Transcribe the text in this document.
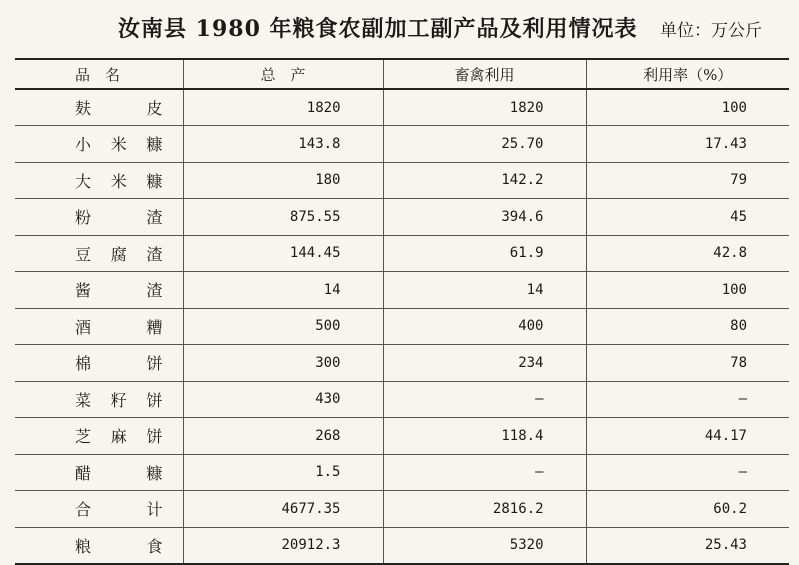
汝南县 1980 年粮食农副加工副产品及利用情况表 单位：万公斤
品　名	总　产	畜禽利用	利用率（%）
麸皮	1820	1820	100
小米糠	143.8	25.70	17.43
大米糠	180	142.2	79
粉渣	875.55	394.6	45
豆腐渣	144.45	61.9	42.8
酱渣	14	14	100
酒糟	500	400	80
棉饼	300	234	78
菜籽饼	430	—	—
芝麻饼	268	118.4	44.17
醋糠	1.5	—	—
合计	4677.35	2816.2	60.2
粮食	20912.3	5320	25.43
